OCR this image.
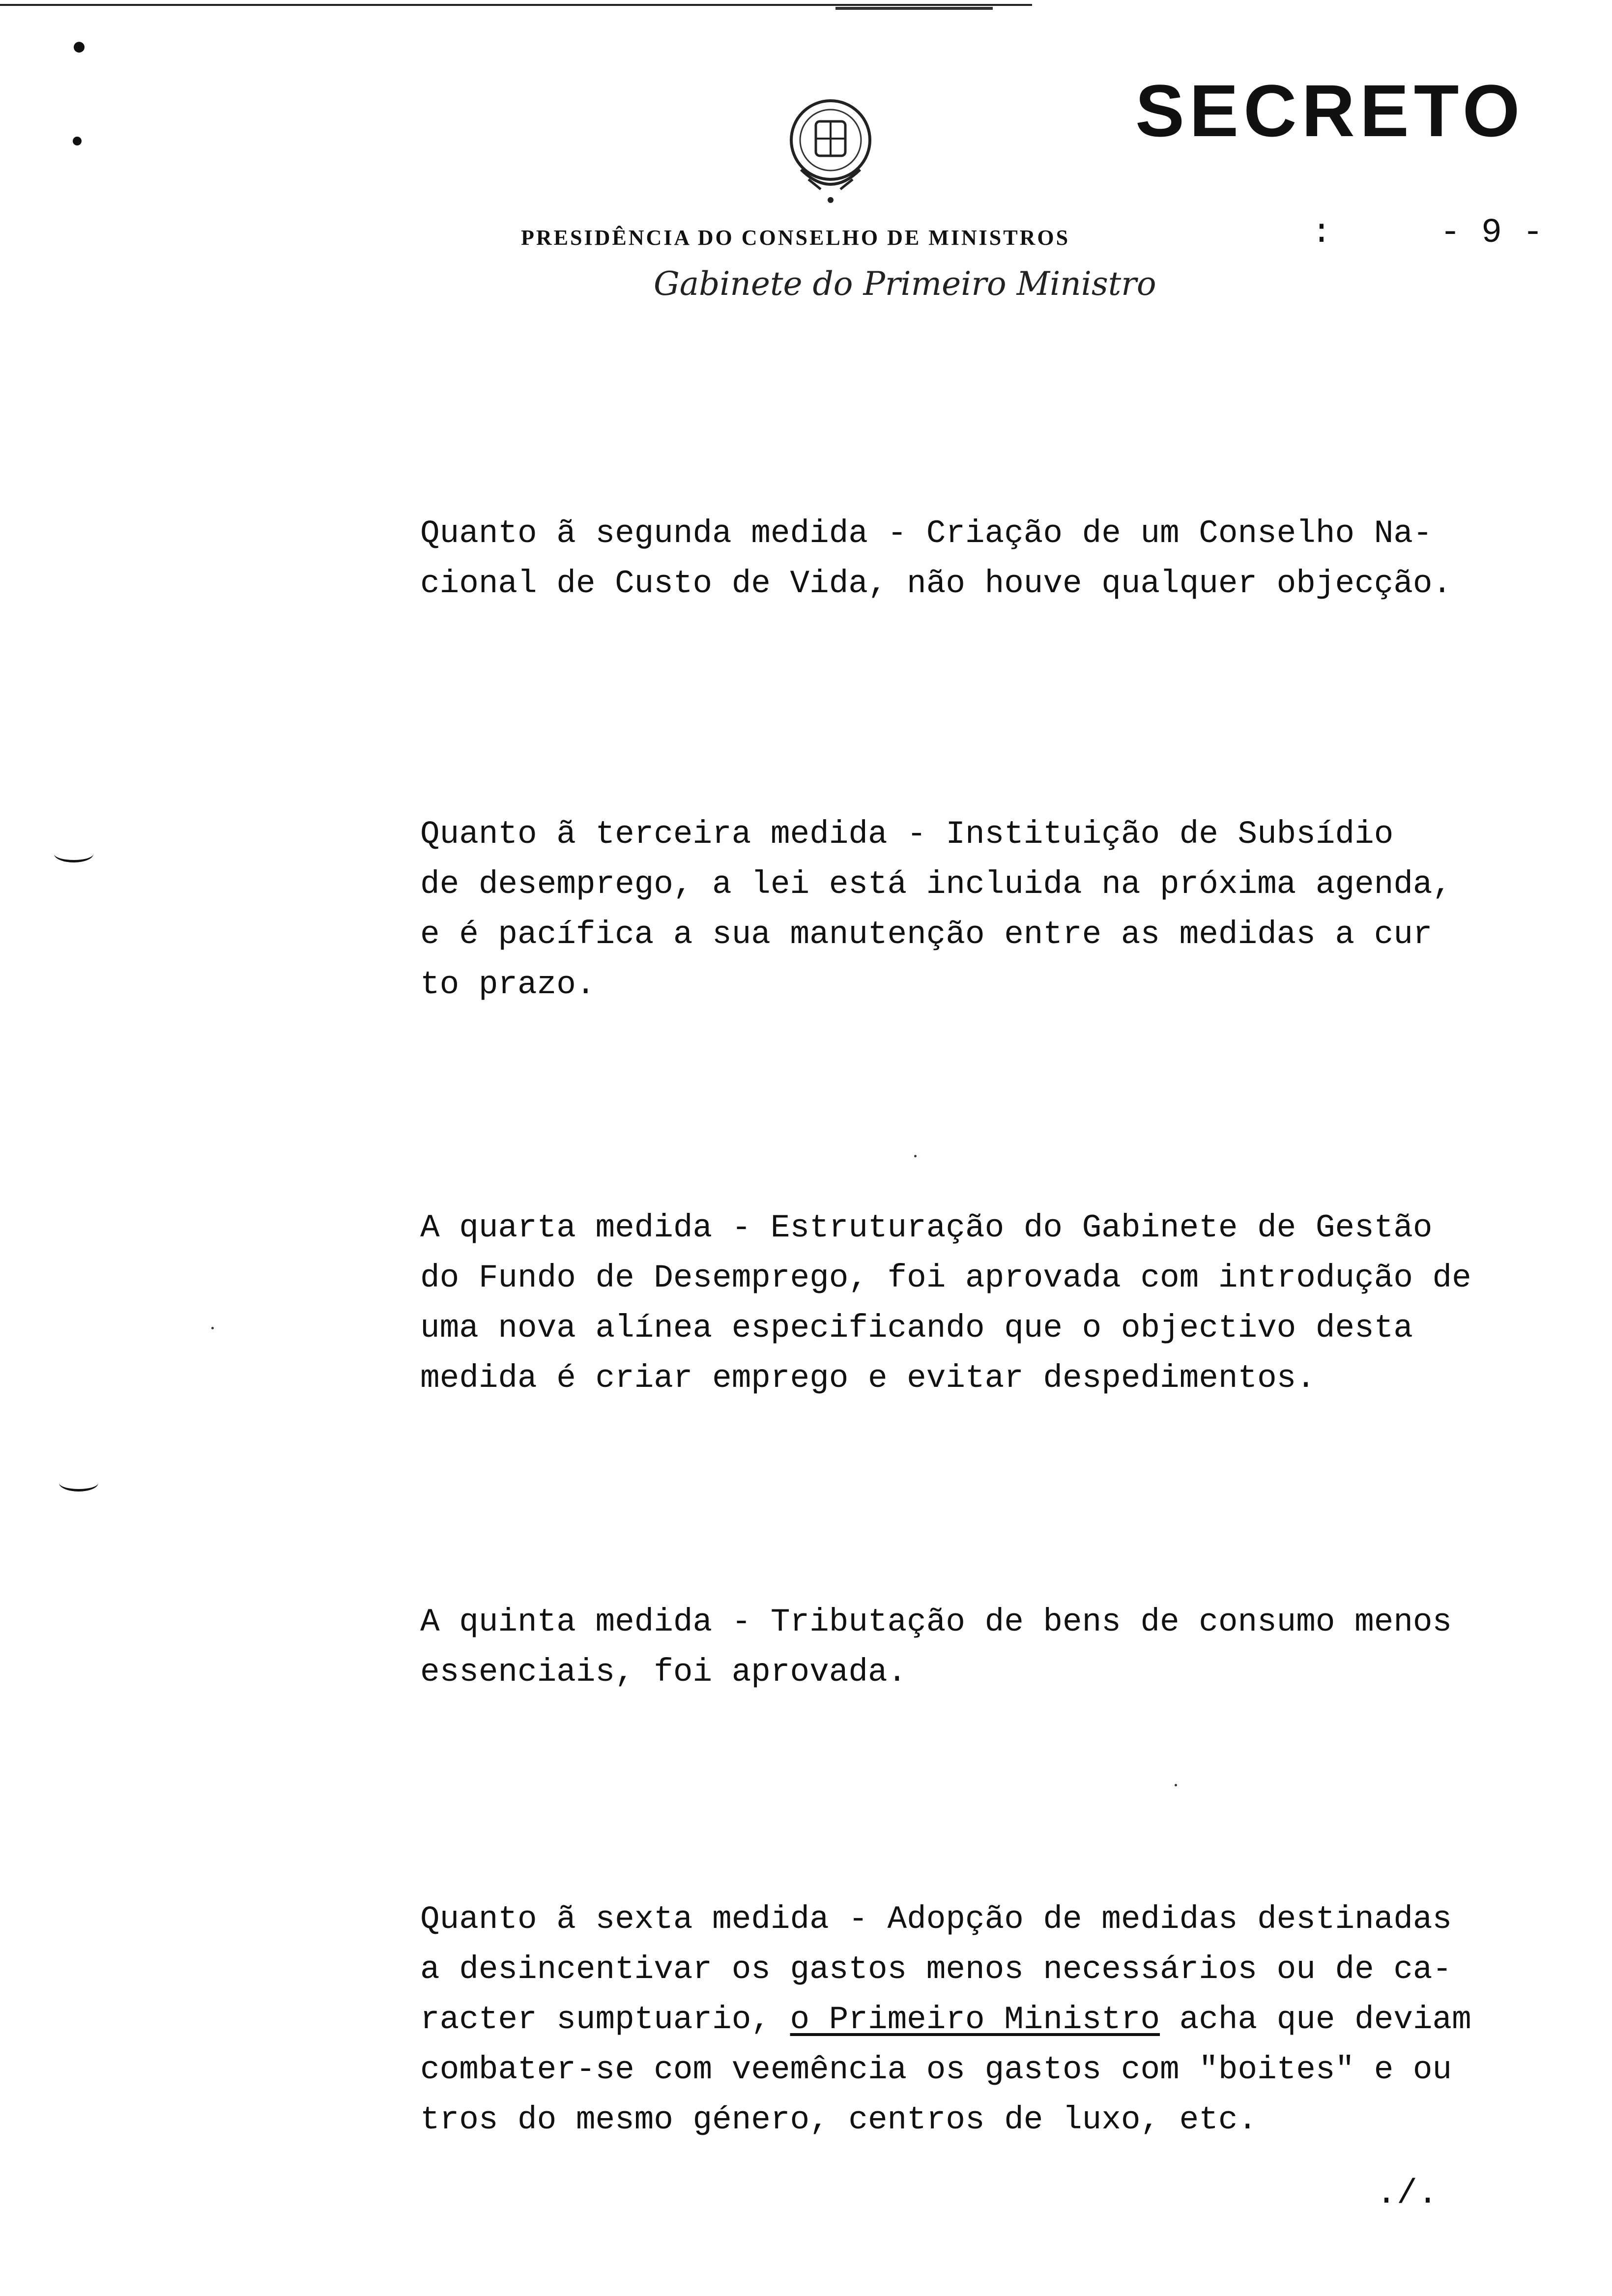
SECRETO
PRESIDÊNCIA DO CONSELHO DE MINISTROS
Gabinete do Primeiro Ministro
:	- 9 -
Quanto ã segunda medida - Criação de um Conselho Na-
cional de Custo de Vida, não houve qualquer objecção.
Quanto ã terceira medida - Instituição de Subsídio
de desemprego, a lei está incluida na próxima agenda,
e é pacífica a sua manutenção entre as medidas a cur
to prazo.
A quarta medida - Estruturação do Gabinete de Gestão
do Fundo de Desemprego, foi aprovada com introdução de
uma nova alínea especificando que o objectivo desta
medida é criar emprego e evitar despedimentos.
A quinta medida - Tributação de bens de consumo menos
essenciais, foi aprovada.
Quanto ã sexta medida - Adopção de medidas destinadas
a desincentivar os gastos menos necessários ou de ca-
racter sumptuario, o Primeiro Ministro acha que deviam
combater-se com veemência os gastos com "boites" e ou
tros do mesmo género, centros de luxo, etc.
./.
